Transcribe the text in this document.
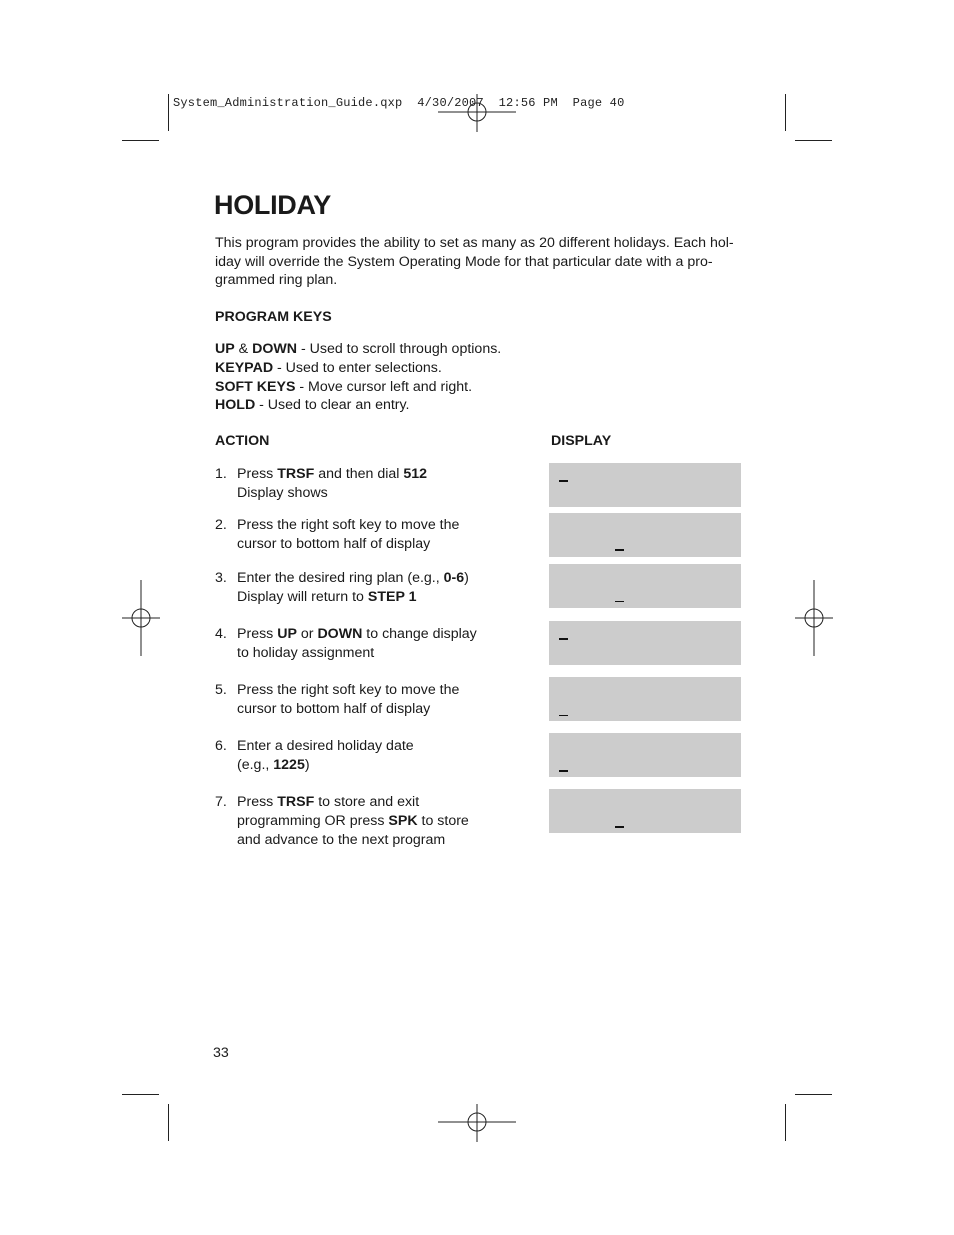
System_Administration_Guide.qxp  4/30/2007  12:56 PM  Page 40
HOLIDAY
This program provides the ability to set as many as 20 different holidays. Each hol-
iday will override the System Operating Mode for that particular date with a pro-
grammed ring plan.
PROGRAM KEYS
UP & DOWN - Used to scroll through options.
KEYPAD - Used to enter selections.
SOFT KEYS - Move cursor left and right.
HOLD - Used to clear an entry.
ACTION	DISPLAY
1. Press TRSF and then dial 512
Display shows
2. Press the right soft key to move the
cursor to bottom half of display
3. Enter the desired ring plan (e.g., 0-6)
Display will return to STEP 1
4. Press UP or DOWN to change display
to holiday assignment
5. Press the right soft key to move the
cursor to bottom half of display
6. Enter a desired holiday date
(e.g., 1225)
7. Press TRSF to store and exit
programming OR press SPK to store
and advance to the next program
33
